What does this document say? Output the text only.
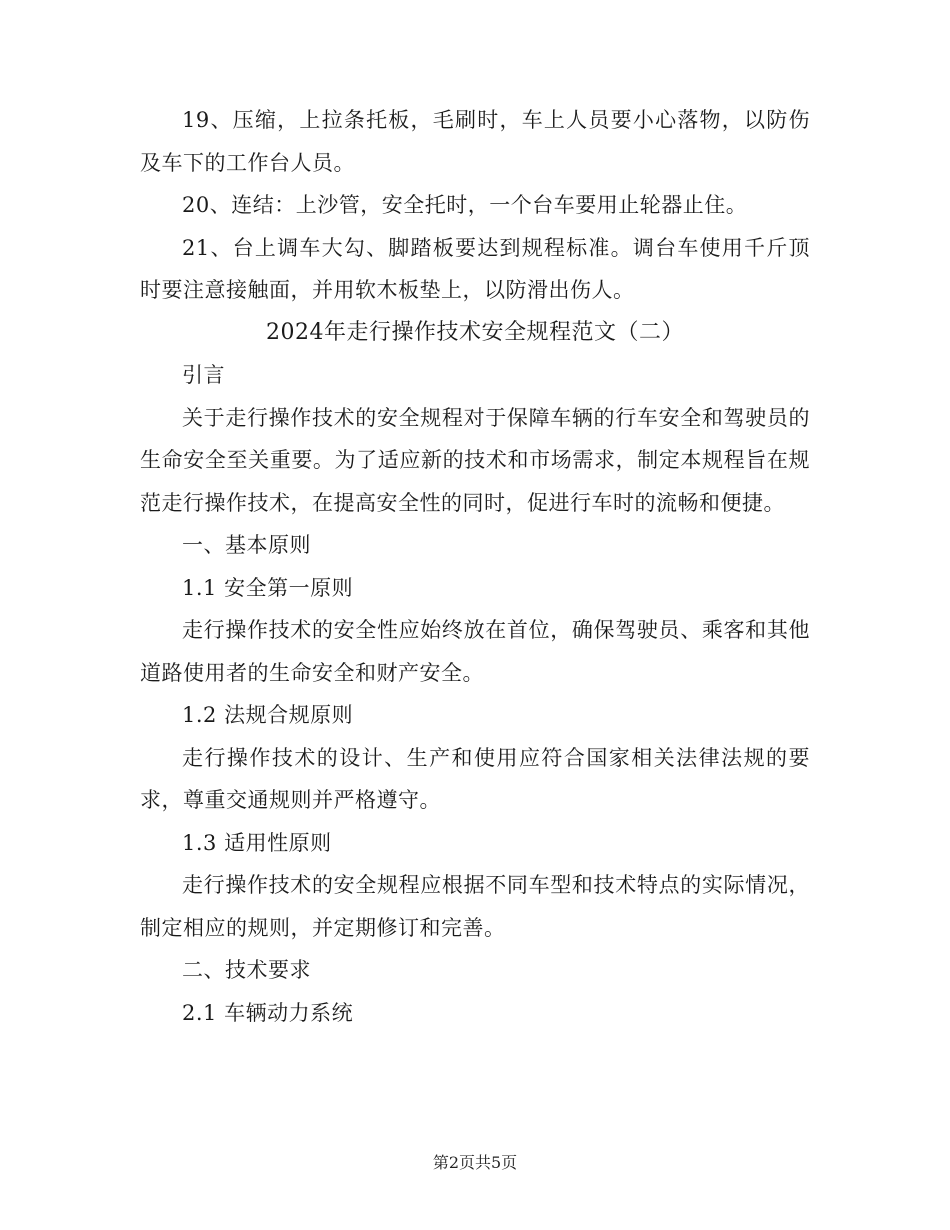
19、压缩，上拉条托板，毛刷时，车上人员要小心落物，以防伤及车下的工作台人员。

20、连结：上沙管，安全托时，一个台车要用止轮器止住。

21、台上调车大勾、脚踏板要达到规程标准。调台车使用千斤顶时要注意接触面，并用软木板垫上，以防滑出伤人。

2024年走行操作技术安全规程范文（二）

引言

关于走行操作技术的安全规程对于保障车辆的行车安全和驾驶员的生命安全至关重要。为了适应新的技术和市场需求，制定本规程旨在规范走行操作技术，在提高安全性的同时，促进行车时的流畅和便捷。

一、基本原则

1.1 安全第一原则

走行操作技术的安全性应始终放在首位，确保驾驶员、乘客和其他道路使用者的生命安全和财产安全。

1.2 法规合规原则

走行操作技术的设计、生产和使用应符合国家相关法律法规的要求，尊重交通规则并严格遵守。

1.3 适用性原则

走行操作技术的安全规程应根据不同车型和技术特点的实际情况，制定相应的规则，并定期修订和完善。

二、技术要求

2.1 车辆动力系统

第2页共5页
